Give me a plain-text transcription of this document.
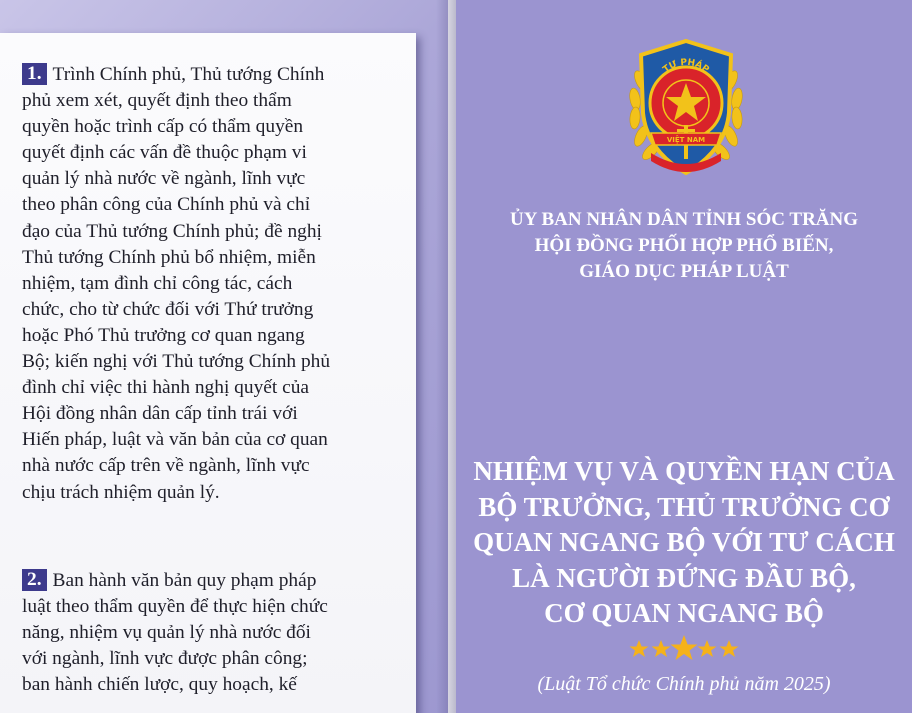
1. Trình Chính phủ, Thủ tướng Chính
phủ xem xét, quyết định theo thẩm
quyền hoặc trình cấp có thẩm quyền
quyết định các vấn đề thuộc phạm vi
quản lý nhà nước về ngành, lĩnh vực
theo phân công của Chính phủ và chỉ
đạo của Thủ tướng Chính phủ; đề nghị
Thủ tướng Chính phủ bổ nhiệm, miễn
nhiệm, tạm đình chỉ công tác, cách
chức, cho từ chức đối với Thứ trưởng
hoặc Phó Thủ trưởng cơ quan ngang
Bộ; kiến nghị với Thủ tướng Chính phủ
đình chỉ việc thi hành nghị quyết của
Hội đồng nhân dân cấp tỉnh trái với
Hiến pháp, luật và văn bản của cơ quan
nhà nước cấp trên về ngành, lĩnh vực
chịu trách nhiệm quản lý.
2. Ban hành văn bản quy phạm pháp
luật theo thẩm quyền để thực hiện chức
năng, nhiệm vụ quản lý nhà nước đối
với ngành, lĩnh vực được phân công;
ban hành chiến lược, quy hoạch, kế
TƯ PHÁP
VIỆT NAM
ỦY BAN NHÂN DÂN TỈNH SÓC TRĂNG
HỘI ĐỒNG PHỐI HỢP PHỔ BIẾN,
GIÁO DỤC PHÁP LUẬT
NHIỆM VỤ VÀ QUYỀN HẠN CỦA
BỘ TRƯỞNG, THỦ TRƯỞNG CƠ
QUAN NGANG BỘ VỚI TƯ CÁCH
LÀ NGƯỜI ĐỨNG ĐẦU BỘ,
CƠ QUAN NGANG BỘ
(Luật Tổ chức Chính phủ năm 2025)
